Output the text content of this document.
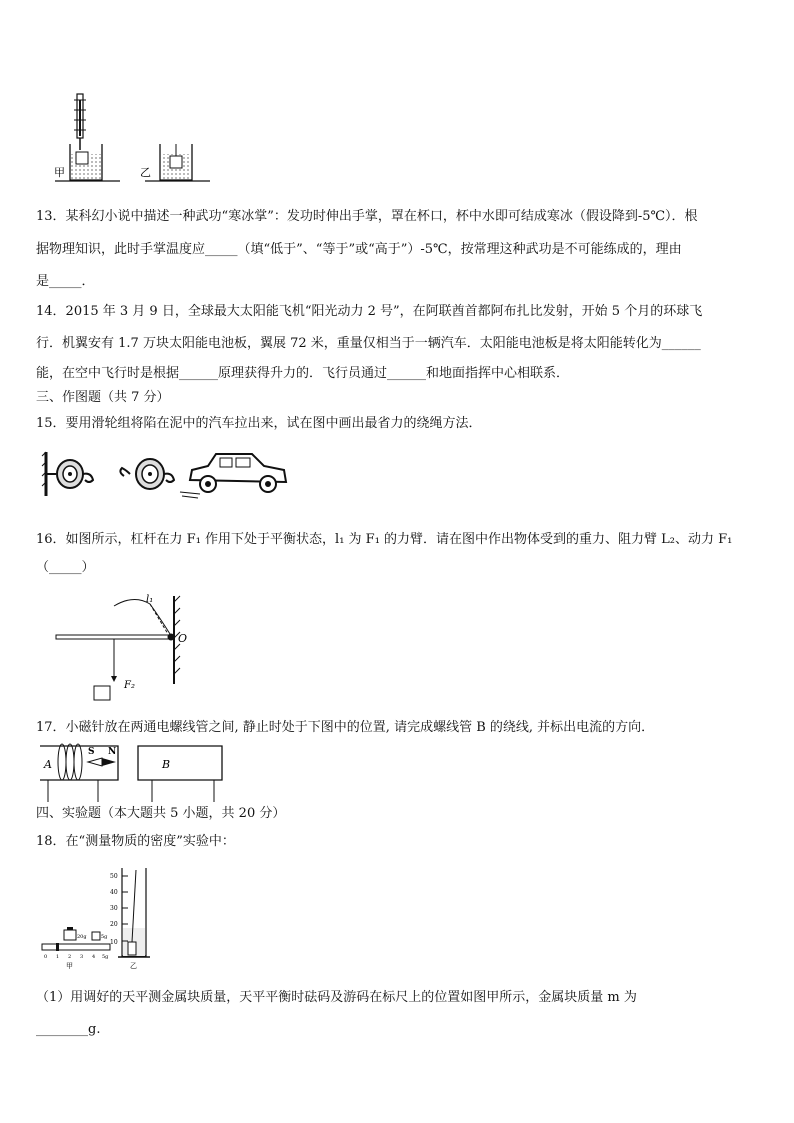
甲	乙
13．某科幻小说中描述一种武功“寒冰掌”：发功时伸出手掌，罩在杯口，杯中水即可结成寒冰（假设降到-5℃）．根
据物理知识，此时手掌温度应_____（填“低于”、“等于”或“高于”）-5℃，按常理这种武功是不可能练成的，理由
是_____．
14．2015 年 3 月 9 日，全球最大太阳能飞机“阳光动力 2 号”，在阿联酋首都阿布扎比发射，开始 5 个月的环球飞
行．机翼安有 1.7 万块太阳能电池板，翼展 72 米，重量仅相当于一辆汽车．太阳能电池板是将太阳能转化为______
能，在空中飞行时是根据______原理获得升力的．飞行员通过______和地面指挥中心相联系．
三、作图题（共 7 分）
15．要用滑轮组将陷在泥中的汽车拉出来，试在图中画出最省力的绕绳方法．
16．如图所示，杠杆在力 F₁ 作用下处于平衡状态，l₁ 为 F₁ 的力臂．请在图中作出物体受到的重力、阻力臂 L₂、动力 F₁
（_____）
l₁
O
F₂
17．小磁针放在两通电螺线管之间, 静止时处于下图中的位置, 请完成螺线管 B 的绕线, 并标出电流的方向．
A	B
S N
四、实验题（本大题共 5 小题，共 20 分）
18．在“测量物质的密度”实验中：
20g	5g
0 1 2 3 4 5g
甲
50
40
30
20
10
乙
（1）用调好的天平测金属块质量，天平平衡时砝码及游码在标尺上的位置如图甲所示，金属块质量 m 为
________g.
